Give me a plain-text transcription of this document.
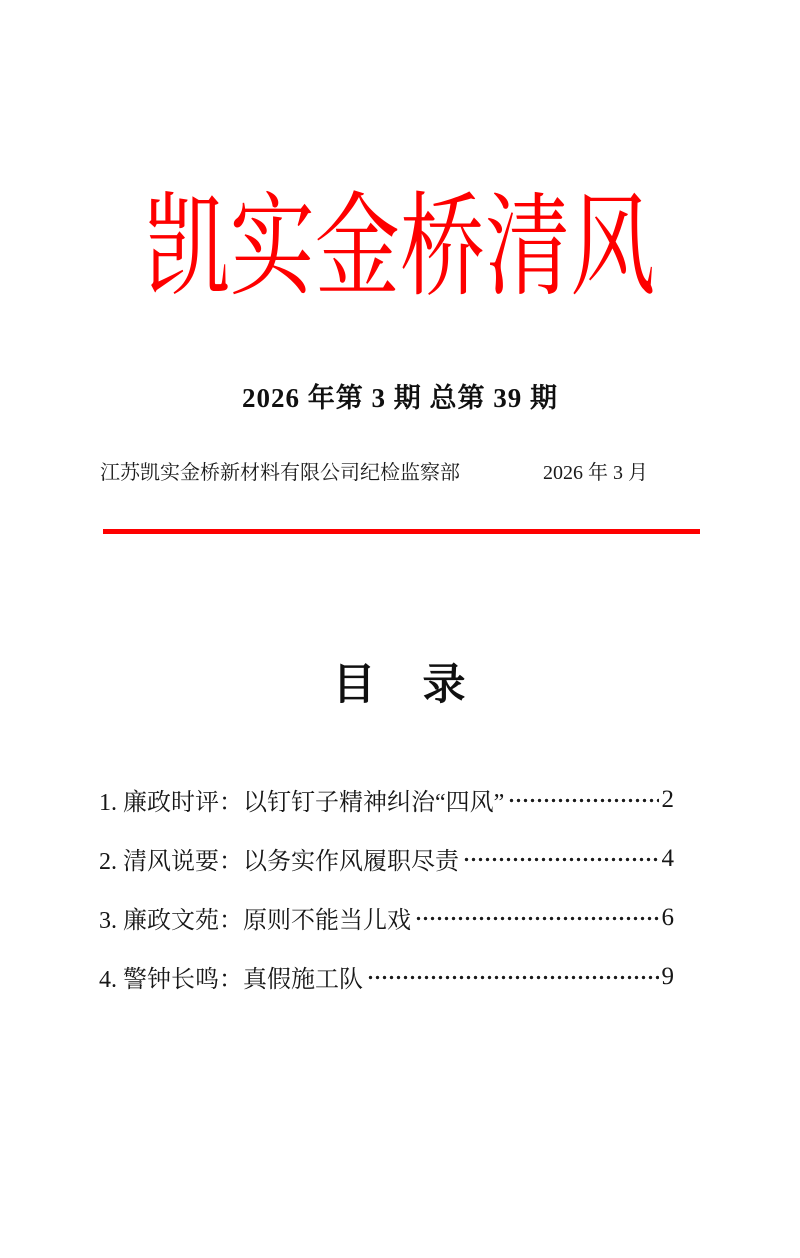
凯实金桥清风
2026 年第 3 期 总第 39 期
江苏凯实金桥新材料有限公司纪检监察部	2026 年 3 月
目　录
1. 廉政时评：以钉钉子精神纠治“四风”	2
2. 清风说要：以务实作风履职尽责	4
3. 廉政文苑：原则不能当儿戏	6
4. 警钟长鸣：真假施工队	9
